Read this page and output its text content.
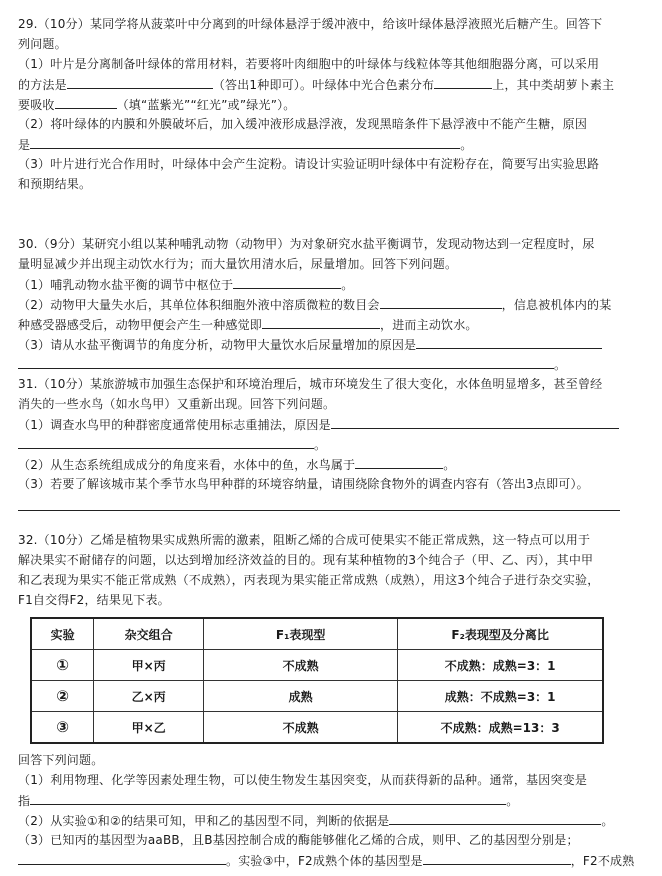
29.（10分）某同学将从菠菜叶中分离到的叶绿体悬浮于缓冲液中，给该叶绿体悬浮液照光后糖产生。回答下
列问题。
（1）叶片是分离制备叶绿体的常用材料，若要将叶肉细胞中的叶绿体与线粒体等其他细胞器分离，可以采用
的方法是	（答出1种即可）。叶绿体中光合色素分布	上，其中类胡萝卜素主
要吸收	（填“蓝紫光”“红光”或”绿光”）。
（2）将叶绿体的内膜和外膜破坏后，加入缓冲液形成悬浮液，发现黑暗条件下悬浮液中不能产生糖，原因
是	。
（3）叶片进行光合作用时，叶绿体中会产生淀粉。请设计实验证明叶绿体中有淀粉存在，简要写出实验思路
和预期结果。
30.（9分）某研究小组以某种哺乳动物（动物甲）为对象研究水盐平衡调节，发现动物达到一定程度时，尿
量明显减少并出现主动饮水行为；而大量饮用清水后，尿量增加。回答下列问题。
（1）哺乳动物水盐平衡的调节中枢位于	。
（2）动物甲大量失水后，其单位体积细胞外液中溶质微粒的数目会	，信息被机体内的某
种感受器感受后，动物甲便会产生一种感觉即	，进而主动饮水。
（3）请从水盐平衡调节的角度分析，动物甲大量饮水后尿量增加的原因是
。
31.（10分）某旅游城市加强生态保护和环境治理后，城市环境发生了很大变化，水体鱼明显增多，甚至曾经
消失的一些水鸟（如水鸟甲）又重新出现。回答下列问题。
（1）调查水鸟甲的种群密度通常使用标志重捕法，原因是
。
（2）从生态系统组成成分的角度来看，水体中的鱼，水鸟属于	。
（3）若要了解该城市某个季节水鸟甲种群的环境容纳量，请围绕除食物外的调查内容有（答出3点即可）。
32.（10分）乙烯是植物果实成熟所需的激素，阻断乙烯的合成可使果实不能正常成熟，这一特点可以用于
解决果实不耐储存的问题，以达到增加经济效益的目的。现有某种植物的3个纯合子（甲、乙、丙），其中甲
和乙表现为果实不能正常成熟（不成熟），丙表现为果实能正常成熟（成熟），用这3个纯合子进行杂交实验，
F1自交得F2，结果见下表。
实验	杂交组合	F₁表现型	F₂表现型及分离比
①	甲×丙	不成熟	不成熟：成熟=3：1
②	乙×丙	成熟	成熟：不成熟=3：1
③	甲×乙	不成熟	不成熟：成熟=13：3
回答下列问题。
（1）利用物理、化学等因素处理生物，可以使生物发生基因突变，从而获得新的品种。通常，基因突变是
指	。
（2）从实验①和②的结果可知，甲和乙的基因型不同，判断的依据是	。
（3）已知丙的基因型为aaBB，且B基因控制合成的酶能够催化乙烯的合成，则甲、乙的基因型分别是；
。实验③中，F2成熟个体的基因型是	，F2不成熟
